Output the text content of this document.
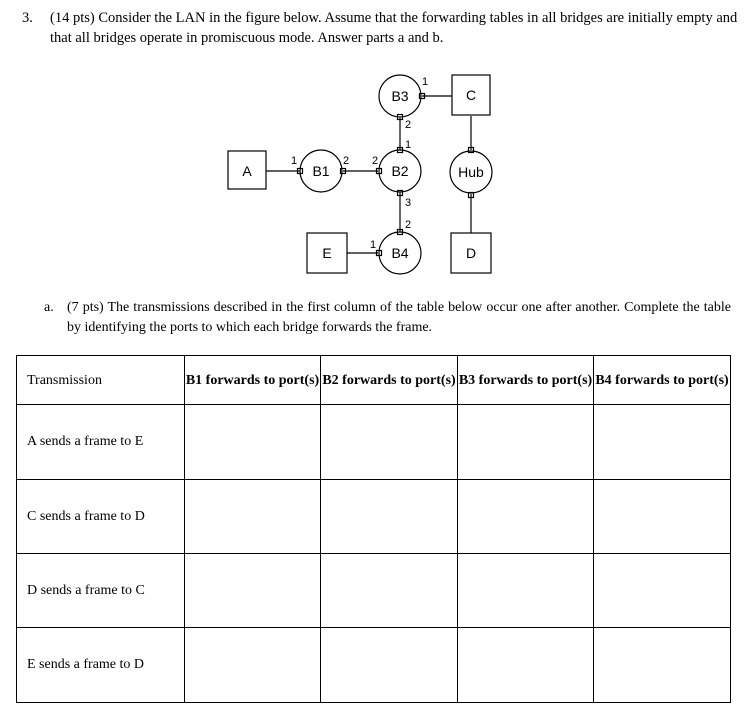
3. (14 pts) Consider the LAN in the figure below. Assume that the forwarding tables in all bridges are initially empty and that all bridges operate in promiscuous mode. Answer parts a and b.
A
C
D
E
B1	B2
B3
B4
Hub
1	2 2
1
3
1
2
2
1
a. (7 pts) The transmissions described in the first column of the table below occur one after another. Complete the table by identifying the ports to which each bridge forwards the frame.
Transmission	B1 forwards to port(s)	B2 forwards to port(s)	B3 forwards to port(s)	B4 forwards to port(s)
A sends a frame to E				
C sends a frame to D				
D sends a frame to C				
E sends a frame to D				
